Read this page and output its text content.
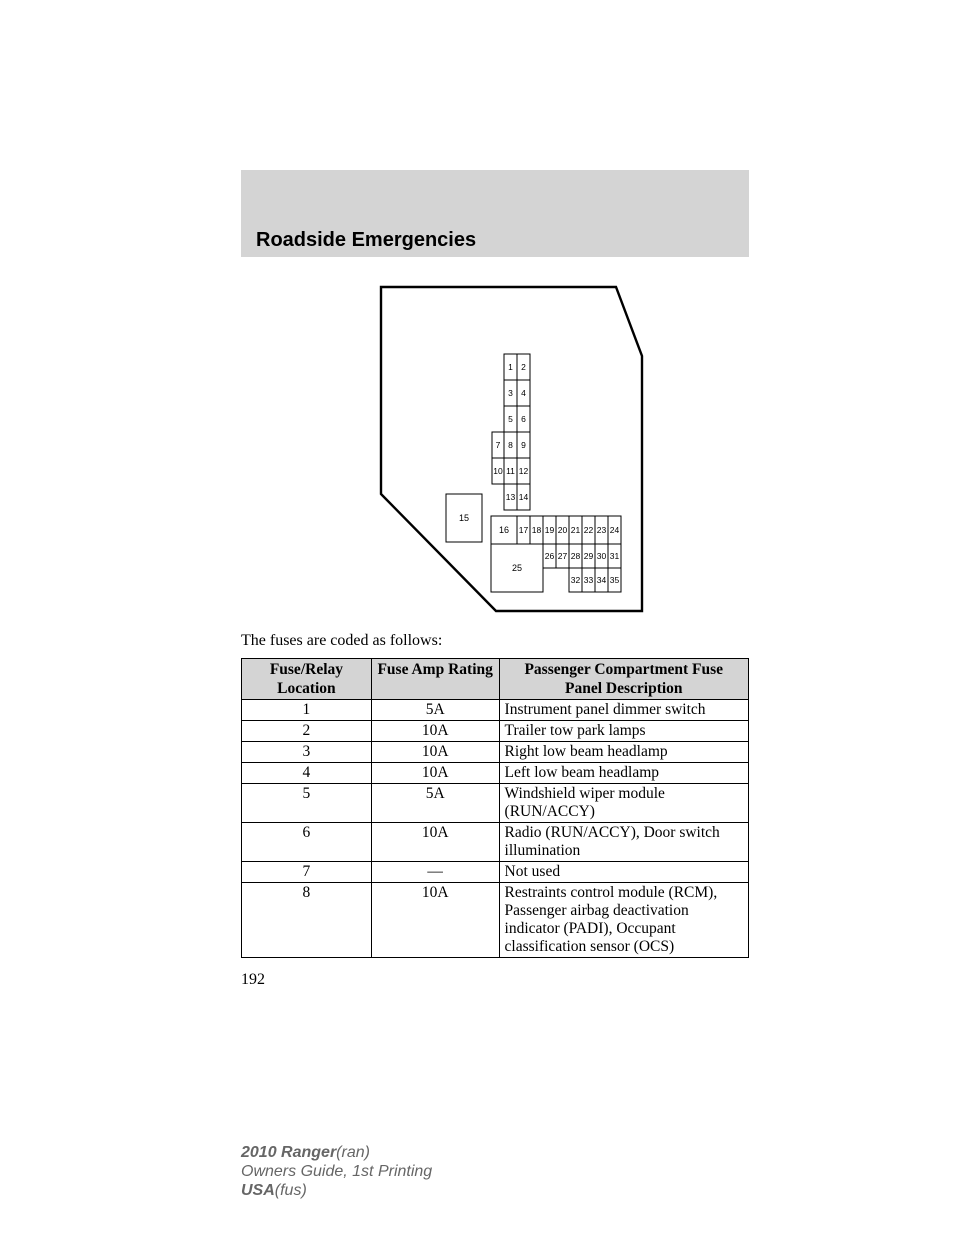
Roadside Emergencies
1 2
3 4
5 6
7 8 9
10 11 12
13 14
15
16 17 18 19 20 21 22 23 24
25
26 27 28 29 30 31
32 33 34 35
The fuses are coded as follows:
Fuse/Relay Location	Fuse Amp Rating	Passenger Compartment Fuse Panel Description
1	5A	Instrument panel dimmer switch
2	10A	Trailer tow park lamps
3	10A	Right low beam headlamp
4	10A	Left low beam headlamp
5	5A	Windshield wiper module (RUN/ACCY)
6	10A	Radio (RUN/ACCY), Door switch illumination
7	—	Not used
8	10A	Restraints control module (RCM), Passenger airbag deactivation indicator (PADI), Occupant classification sensor (OCS)
192
2010 Ranger(ran)
Owners Guide, 1st Printing
USA(fus)
